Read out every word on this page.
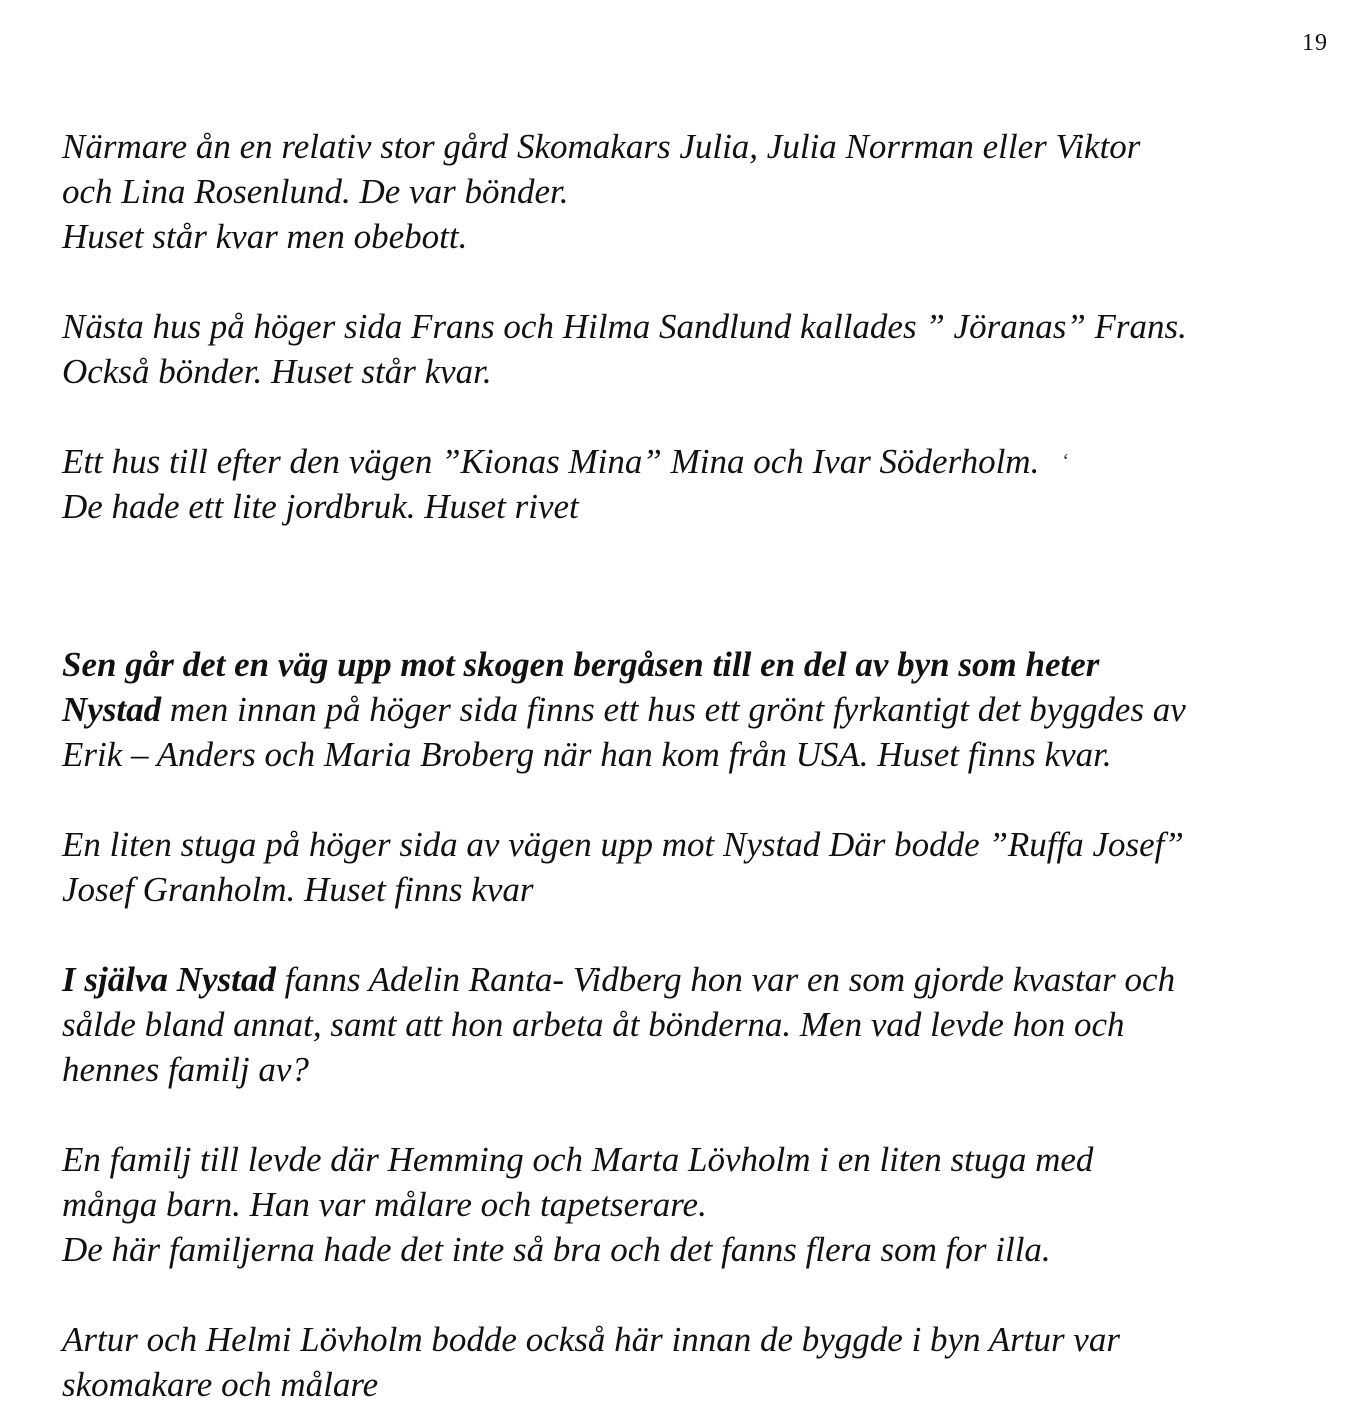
19

Närmare ån en relativ stor gård Skomakars Julia, Julia Norrman eller Viktor
och Lina Rosenlund. De var bönder.
Huset står kvar men obebott.

Nästa hus på höger sida Frans och Hilma Sandlund kallades ” Jöranas” Frans.
Också bönder. Huset står kvar.

Ett hus till efter den vägen ”Kionas Mina” Mina och Ivar Söderholm. ‘
De hade ett lite jordbruk. Huset rivet

Sen går det en väg upp mot skogen bergåsen till en del av byn som heter
Nystad men innan på höger sida finns ett hus ett grönt fyrkantigt det byggdes av
Erik – Anders och Maria Broberg när han kom från USA. Huset finns kvar.

En liten stuga på höger sida av vägen upp mot Nystad Där bodde ”Ruffa Josef”
Josef Granholm. Huset finns kvar

I själva Nystad fanns Adelin Ranta- Vidberg hon var en som gjorde kvastar och
sålde bland annat, samt att hon arbeta åt bönderna. Men vad levde hon och
hennes familj av?

En familj till levde där Hemming och Marta Lövholm i en liten stuga med
många barn. Han var målare och tapetserare.
De här familjerna hade det inte så bra och det fanns flera som for illa.

Artur och Helmi Lövholm bodde också här innan de byggde i byn Artur var
skomakare och målare
